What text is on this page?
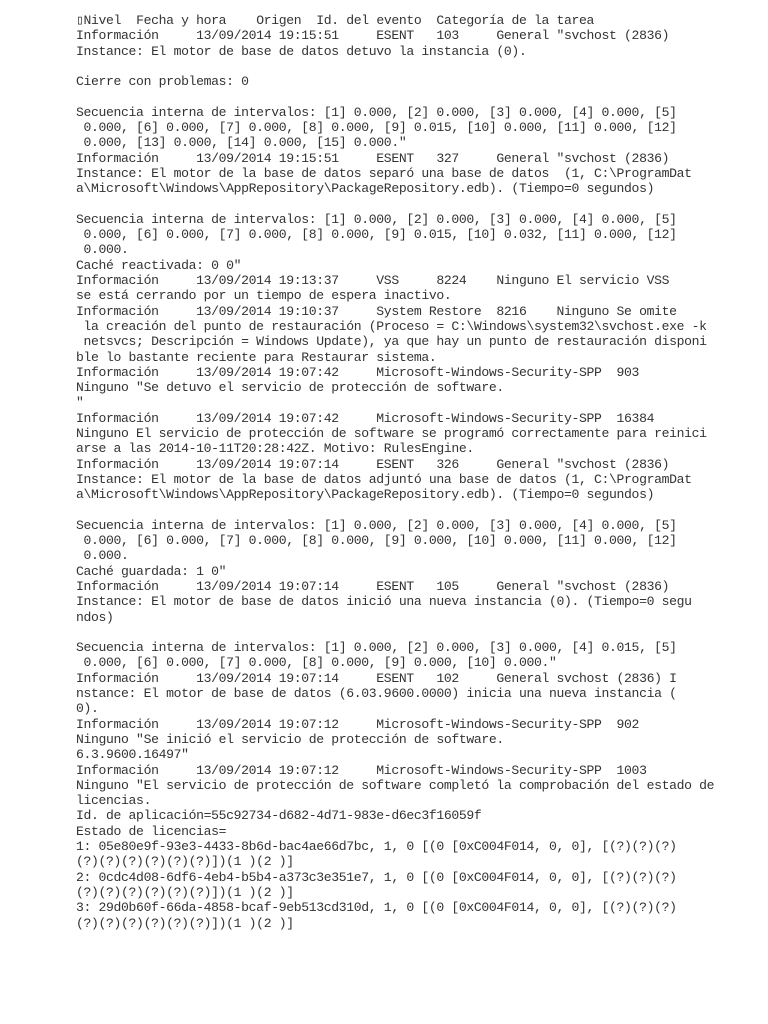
▯Nivel  Fecha y hora    Origen  Id. del evento  Categoría de la tarea
Información     13/09/2014 19:15:51     ESENT   103     General "svchost (2836)
Instance: El motor de base de datos detuvo la instancia (0).
Cierre con problemas: 0
Secuencia interna de intervalos: [1] 0.000, [2] 0.000, [3] 0.000, [4] 0.000, [5]
0.000, [6] 0.000, [7] 0.000, [8] 0.000, [9] 0.015, [10] 0.000, [11] 0.000, [12]
0.000, [13] 0.000, [14] 0.000, [15] 0.000."
Información     13/09/2014 19:15:51     ESENT   327     General "svchost (2836)
Instance: El motor de la base de datos separó una base de datos  (1, C:\ProgramDat
a\Microsoft\Windows\AppRepository\PackageRepository.edb). (Tiempo=0 segundos)
Secuencia interna de intervalos: [1] 0.000, [2] 0.000, [3] 0.000, [4] 0.000, [5]
0.000, [6] 0.000, [7] 0.000, [8] 0.000, [9] 0.015, [10] 0.032, [11] 0.000, [12]
0.000.
Caché reactivada: 0 0"
Información     13/09/2014 19:13:37     VSS     8224    Ninguno El servicio VSS
se está cerrando por un tiempo de espera inactivo.
Información     13/09/2014 19:10:37     System Restore  8216    Ninguno Se omite
la creación del punto de restauración (Proceso = C:\Windows\system32\svchost.exe -k
netsvcs; Descripción = Windows Update), ya que hay un punto de restauración disponi
ble lo bastante reciente para Restaurar sistema.
Información     13/09/2014 19:07:42     Microsoft-Windows-Security-SPP  903
Ninguno "Se detuvo el servicio de protección de software.
"
Información     13/09/2014 19:07:42     Microsoft-Windows-Security-SPP  16384
Ninguno El servicio de protección de software se programó correctamente para reinici
arse a las 2014-10-11T20:28:42Z. Motivo: RulesEngine.
Información     13/09/2014 19:07:14     ESENT   326     General "svchost (2836)
Instance: El motor de la base de datos adjuntó una base de datos (1, C:\ProgramDat
a\Microsoft\Windows\AppRepository\PackageRepository.edb). (Tiempo=0 segundos)
Secuencia interna de intervalos: [1] 0.000, [2] 0.000, [3] 0.000, [4] 0.000, [5]
0.000, [6] 0.000, [7] 0.000, [8] 0.000, [9] 0.000, [10] 0.000, [11] 0.000, [12]
0.000.
Caché guardada: 1 0"
Información     13/09/2014 19:07:14     ESENT   105     General "svchost (2836)
Instance: El motor de base de datos inició una nueva instancia (0). (Tiempo=0 segu
ndos)
Secuencia interna de intervalos: [1] 0.000, [2] 0.000, [3] 0.000, [4] 0.015, [5]
0.000, [6] 0.000, [7] 0.000, [8] 0.000, [9] 0.000, [10] 0.000."
Información     13/09/2014 19:07:14     ESENT   102     General svchost (2836) I
nstance: El motor de base de datos (6.03.9600.0000) inicia una nueva instancia (
0).
Información     13/09/2014 19:07:12     Microsoft-Windows-Security-SPP  902
Ninguno "Se inició el servicio de protección de software.
6.3.9600.16497"
Información     13/09/2014 19:07:12     Microsoft-Windows-Security-SPP  1003
Ninguno "El servicio de protección de software completó la comprobación del estado de
licencias.
Id. de aplicación=55c92734-d682-4d71-983e-d6ec3f16059f
Estado de licencias=
1: 05e80e9f-93e3-4433-8b6d-bac4ae66d7bc, 1, 0 [(0 [0xC004F014, 0, 0], [(?)(?)(?)
(?)(?)(?)(?)(?)(?)])(1 )(2 )]
2: 0cdc4d08-6df6-4eb4-b5b4-a373c3e351e7, 1, 0 [(0 [0xC004F014, 0, 0], [(?)(?)(?)
(?)(?)(?)(?)(?)(?)])(1 )(2 )]
3: 29d0b60f-66da-4858-bcaf-9eb513cd310d, 1, 0 [(0 [0xC004F014, 0, 0], [(?)(?)(?)
(?)(?)(?)(?)(?)(?)])(1 )(2 )]
